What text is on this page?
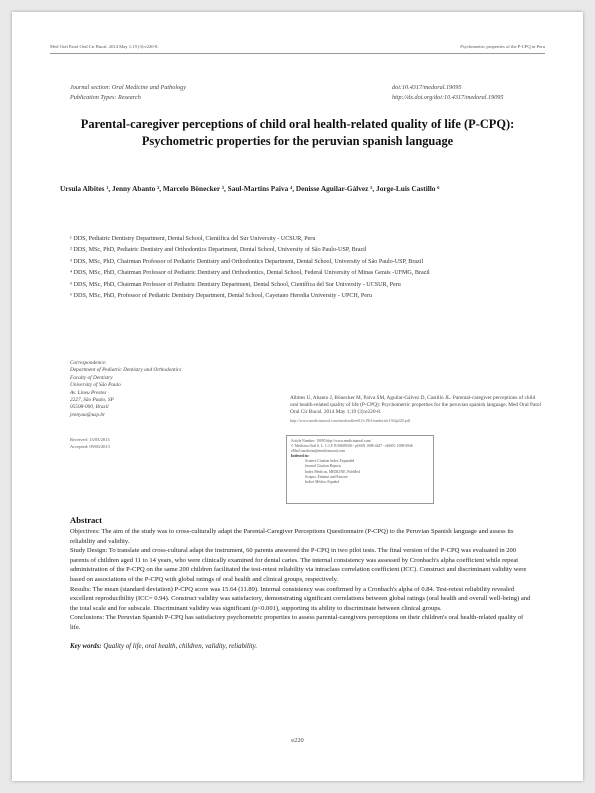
Med Oral Patol Oral Cir Bucal. 2014 May 1;19 (3):e220-8.	Psychometric properties of the P-CPQ in Peru
Journal section: Oral Medicine and Pathology
Publication Types: Research
doi:10.4317/medoral.19095
http://dx.doi.org/doi:10.4317/medoral.19095
Parental-caregiver perceptions of child oral health-related quality of life (P-CPQ): Psychometric properties for the peruvian spanish language
Ursula Albites ¹, Jenny Abanto ², Marcelo Bönecker ³, Saul-Martins Paiva ⁴, Denisse Aguilar-Gálvez ⁵, Jorge-Luis Castillo ⁶
¹ DDS, Pediatric Dentistry Department, Dental School, Científica del Sur University - UCSUR, Peru
² DDS, MSc, PhD, Pediatric Dentistry and Orthodontics Department, Dental School, University of São Paulo-USP, Brazil
³ DDS, MSc, PhD, Chairman Professor of Pediatric Dentistry and Orthodontics Department, Dental School, University of São Paulo-USP, Brazil
⁴ DDS, MSc, PhD, Chairman Professor of Pediatric Dentistry and Orthodontics, Dental School, Federal University of Minas Gerais -UFMG, Brazil
⁵ DDS, MSc, PhD, Chairman Professor of Pediatric Dentistry Department, Dental School, Científica del Sur University - UCSUR, Peru
⁶ DDS, MSc, PhD, Professor of Pediatric Dentistry Department, Dental School, Cayetano Heredia University - UPCH, Peru
Correspondence:
Department of Pediatric Dentistry and Orthodontics
Faculty of Dentistry
University of São Paulo
Av. Lineu Prestes
2227, São Paulo, SP
05508-000, Brazil
jennyaa@usp.br
Received: 13/03/2013
Accepted: 09/06/2013
Albites U, Abanto J, Bönecker M, Paiva SM, Aguilar-Gálvez D, Castillo JL. Parental-caregiver perceptions of child oral health-related quality of life (P-CPQ): Psychometric properties for the peruvian spanish language. Med Oral Patol Oral Cir Bucal. 2014 May 1;19 (3):e220-8.
http://www.medicinaoral.com/medoralfree01/v19i3/medoralv19i3p220.pdf
Article Number: 19095 http://www.medicinaoral.com/
© Medicina Oral S. L. C.I.F. B 96689336 - pISSN 1698-4447 - eISSN: 1698-6946
eMail: medicina@medicinaoral.com
Indexed in:
Science Citation Index Expanded
Journal Citation Reports
Index Medicus, MEDLINE, PubMed
Scopus, Embase and Emcare
Indice Médico Español
Abstract

Objectives: The aim of the study was to cross-culturally adapt the Parental-Caregiver Perceptions Questionnaire (P-CPQ) to the Peruvian Spanish language and assess its reliability and validity.

Study Design: To translate and cross-cultural adapt the instrument, 60 parents answered the P-CPQ in two pilot tests. The final version of the P-CPQ was evaluated in 200 parents of children aged 11 to 14 years, who were clinically examined for dental caries. The internal consistency was assessed by Cronbach's alpha coefficient while repeat administration of the P-CPQ on the same 200 children facilitated the test-retest reliability via intraclass correlation coefficient (ICC). Construct and discriminant validity were based on associations of the P-CPQ with global ratings of oral health and clinical groups, respectively.

Results: The mean (standard deviation) P-CPQ score was 15.64 (11.89). Internal consistency was confirmed by a Cronbach's alpha of 0.84. Test-retest reliability revealed excellent reproducibility (ICC= 0.94). Construct validity was satisfactory, demonstrating significant correlations between global ratings (oral health and overall well-being) and the total scale and for subscale. Discriminant validity was significant (p<0.001), supporting its ability to discriminate between clinical groups.

Conclusions: The Peruvian Spanish P-CPQ has satisfactory psychometric properties to assess parental-caregivers perceptions on their children's oral health-related quality of life.

Key words: Quality of life, oral health, children, validity, reliability.
e220
